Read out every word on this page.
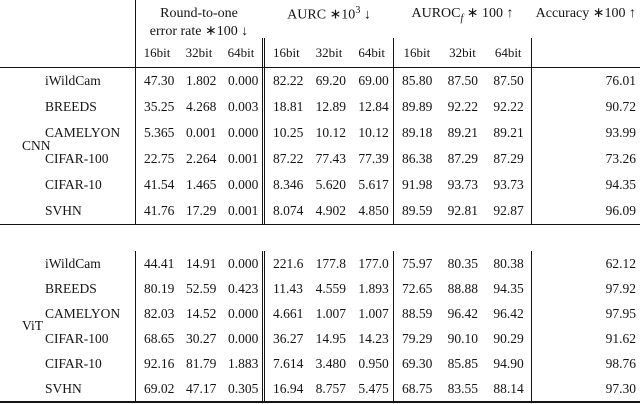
Round-to-one
error rate ∗100 ↓
AURC $∗10^3$ ↓	$AUROC_f$ ∗ 100 ↑	Accuracy ∗100 ↑
16bit	32bit	64bit	16bit	32bit	64bit	16bit	32bit	64bit
CNN
iWildCam	47.30 1.802 0.000	82.22 69.20 69.00 85.80	87.50	87.50	76.01
BREEDS	35.25 4.268 0.003	18.81 12.89 12.84 89.89	92.22	92.22	90.72
CAMELYON	5.365 0.001 0.000	10.25 10.12 10.12 89.18	89.21	89.21	93.99
CIFAR-100	22.75 2.264 0.001	87.22 77.43 77.39 86.38	87.29	87.29	73.26
CIFAR-10	41.54 1.465 0.000	8.346 5.620 5.617 91.98	93.73	93.73	94.35
SVHN	41.76 17.29 0.001	8.074 4.902 4.850 89.59	92.81	92.87	96.09
ViT
iWildCam	44.41 14.91 0.000	221.6 177.8 177.0 75.97	80.35	80.38	62.12
BREEDS	80.19 52.59 0.423	11.43 4.559 1.893 72.65	88.88	94.35	97.92
CAMELYON	82.03 14.52 0.000	4.661 1.007 1.007 88.59	96.42	96.42	97.95
CIFAR-100	68.65 30.27 0.000	36.27 14.95 14.23 79.29	90.10	90.29	91.62
CIFAR-10	92.16 81.79 1.883	7.614 3.480 0.950 69.30	85.85	94.90	98.76
SVHN	69.02 47.17 0.305	16.94 8.757 5.475 68.75	83.55	88.14	97.30
